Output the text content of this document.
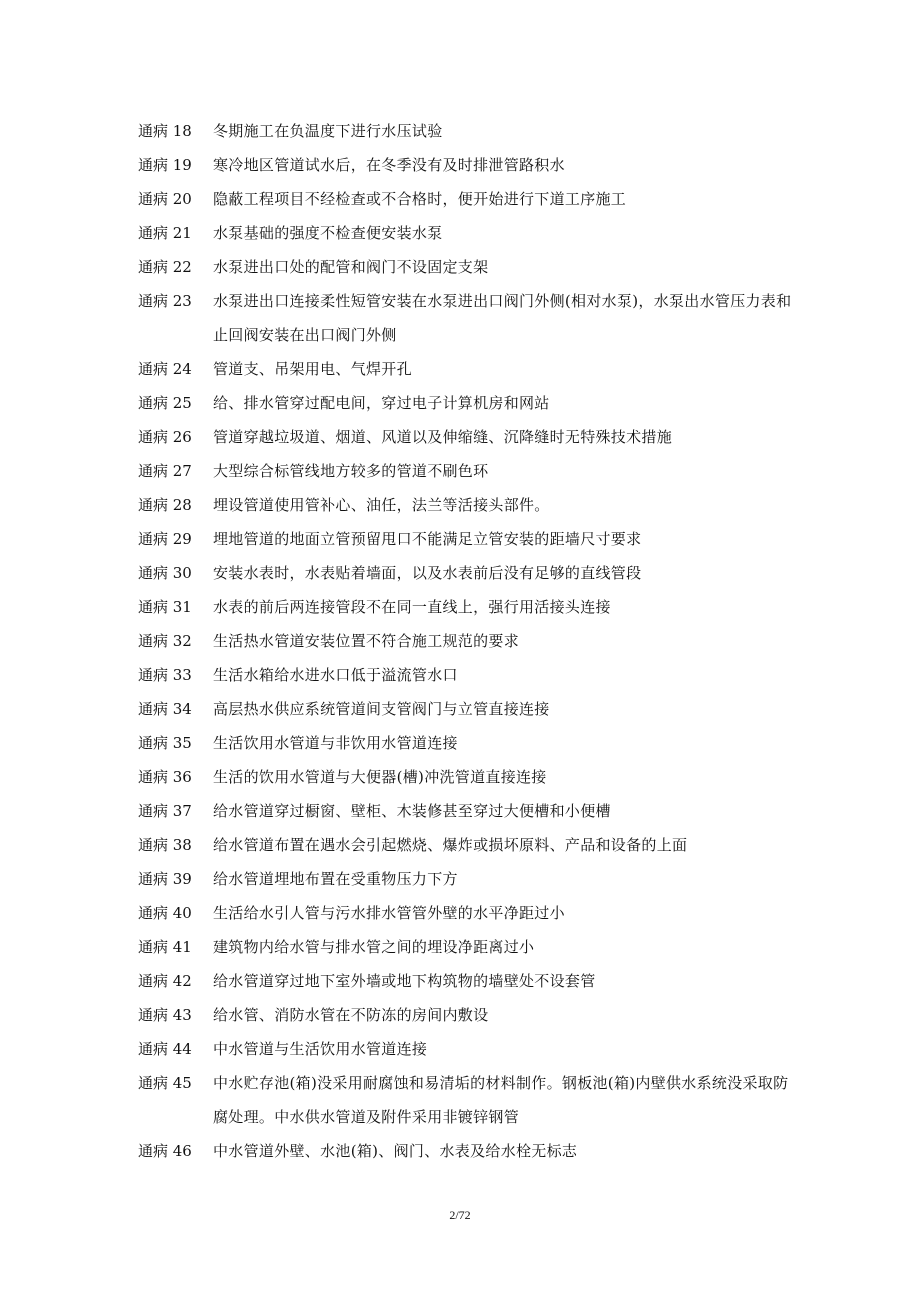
通病 18	冬期施工在负温度下进行水压试验
通病 19	寒冷地区管道试水后，在冬季没有及时排泄管路积水
通病 20	隐蔽工程项目不经检查或不合格时，便开始进行下道工序施工
通病 21	水泵基础的强度不检查便安装水泵
通病 22	水泵进出口处的配管和阀门不设固定支架
通病 23	水泵进出口连接柔性短管安装在水泵进出口阀门外侧(相对水泵)，水泵出水管压力表和止回阀安装在出口阀门外侧
通病 24	管道支、吊架用电、气焊开孔
通病 25	给、排水管穿过配电间，穿过电子计算机房和网站
通病 26	管道穿越垃圾道、烟道、风道以及伸缩缝、沉降缝时无特殊技术措施
通病 27	大型综合标管线地方较多的管道不刷色环
通病 28	埋设管道使用管补心、油任，法兰等活接头部件。
通病 29	埋地管道的地面立管预留甩口不能满足立管安装的距墙尺寸要求
通病 30	安装水表时，水表贴着墙面，以及水表前后没有足够的直线管段
通病 31	水表的前后两连接管段不在同一直线上，强行用活接头连接
通病 32	生活热水管道安装位置不符合施工规范的要求
通病 33	生活水箱给水进水口低于溢流管水口
通病 34	高层热水供应系统管道间支管阀门与立管直接连接
通病 35	生活饮用水管道与非饮用水管道连接
通病 36	生活的饮用水管道与大便器(槽)冲洗管道直接连接
通病 37	给水管道穿过橱窗、壁柜、木装修甚至穿过大便槽和小便槽
通病 38	给水管道布置在遇水会引起燃烧、爆炸或损坏原料、产品和设备的上面
通病 39	给水管道埋地布置在受重物压力下方
通病 40	生活给水引人管与污水排水管管外壁的水平净距过小
通病 41	建筑物内给水管与排水管之间的埋设净距离过小
通病 42	给水管道穿过地下室外墙或地下构筑物的墙壁处不设套管
通病 43	给水管、消防水管在不防冻的房间内敷设
通病 44	中水管道与生活饮用水管道连接
通病 45	中水贮存池(箱)没采用耐腐蚀和易清垢的材料制作。钢板池(箱)内壁供水系统没采取防腐处理。中水供水管道及附件采用非镀锌钢管
通病 46	中水管道外壁、水池(箱)、阀门、水表及给水栓无标志
2/72
